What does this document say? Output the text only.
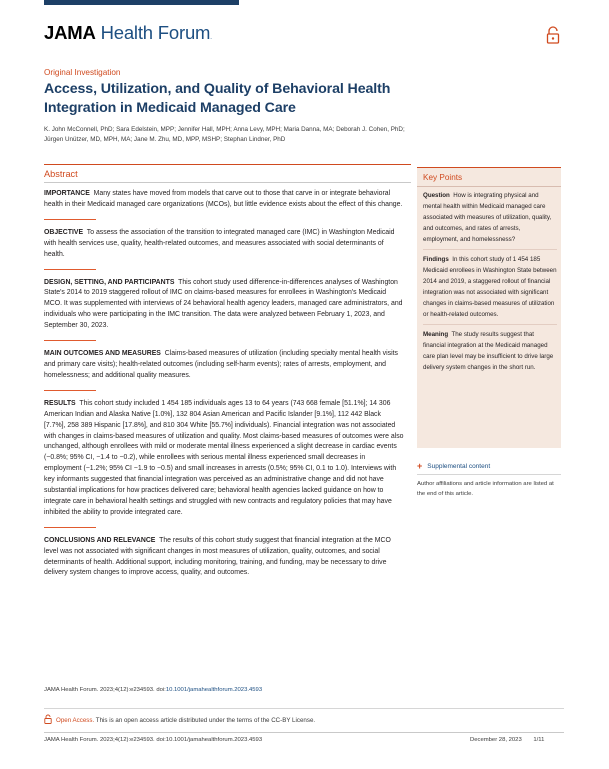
JAMA Health Forum.
Original Investigation
Access, Utilization, and Quality of Behavioral Health Integration in Medicaid Managed Care
K. John McConnell, PhD; Sara Edelstein, MPP; Jennifer Hall, MPH; Anna Levy, MPH; Maria Danna, MA; Deborah J. Cohen, PhD;
Jürgen Unützer, MD, MPH, MA; Jane M. Zhu, MD, MPP, MSHP; Stephan Lindner, PhD
Abstract

IMPORTANCE Many states have moved from models that carve out to those that carve in or integrate behavioral health in their Medicaid managed care organizations (MCOs), but little evidence exists about the effect of this change.

OBJECTIVE To assess the association of the transition to integrated managed care (IMC) in Washington Medicaid with health services use, quality, health-related outcomes, and measures associated with social determinants of health.

DESIGN, SETTING, AND PARTICIPANTS This cohort study used difference-in-differences analyses of Washington State's 2014 to 2019 staggered rollout of IMC on claims-based measures for enrollees in Washington's Medicaid MCO. It was supplemented with interviews of 24 behavioral health agency leaders, managed care administrators, and individuals who were participating in the IMC transition. The data were analyzed between February 1, 2023, and September 30, 2023.

MAIN OUTCOMES AND MEASURES Claims-based measures of utilization (including specialty mental health visits and primary care visits); health-related outcomes (including self-harm events); rates of arrests, employment, and homelessness; and additional quality measures.

RESULTS This cohort study included 1 454 185 individuals ages 13 to 64 years (743 668 female [51.1%]; 14 306 American Indian and Alaska Native [1.0%], 132 804 Asian American and Pacific Islander [9.1%], 112 442 Black [7.7%], 258 389 Hispanic [17.8%], and 810 304 White [55.7%] individuals). Financial integration was not associated with changes in claims-based measures of utilization and quality. Most claims-based measures of outcomes were also unchanged, although enrollees with mild or moderate mental illness experienced a slight decrease in cardiac events (−0.8%; 95% CI, −1.4 to −0.2), while enrollees with serious mental illness experienced small decreases in employment (−1.2%; 95% CI −1.9 to −0.5) and small increases in arrests (0.5%; 95% CI, 0.1 to 1.0). Interviews with key informants suggested that financial integration was perceived as an administrative change and did not have substantial implications for how practices delivered care; behavioral health agencies lacked guidance on how to integrate care in behavioral health settings and struggled with new contracts and regulatory policies that may have inhibited the ability to provide integrated care.

CONCLUSIONS AND RELEVANCE The results of this cohort study suggest that financial integration at the MCO level was not associated with significant changes in most measures of utilization, quality, outcomes, and social determinants of health. Additional support, including monitoring, training, and funding, may be necessary to drive delivery system changes to improve access, quality, and outcomes.

JAMA Health Forum. 2023;4(12):e234593. doi:10.1001/jamahealthforum.2023.4593
Open Access. This is an open access article distributed under the terms of the CC-BY License.
JAMA Health Forum. 2023;4(12):e234593. doi:10.1001/jamahealthforum.2023.4593	December 28, 2023 1/11
Key Points
Question How is integrating physical and mental health within Medicaid managed care associated with measures of utilization, quality, and outcomes, and rates of arrests, employment, and homelessness?
Findings In this cohort study of 1 454 185 Medicaid enrollees in Washington State between 2014 and 2019, a staggered rollout of financial integration was not associated with significant changes in claims-based measures of utilization or health-related outcomes.
Meaning The study results suggest that financial integration at the Medicaid managed care plan level may be insufficient to drive large delivery system changes in the short run.
+ Supplemental content
Author affiliations and article information are listed at the end of this article.
